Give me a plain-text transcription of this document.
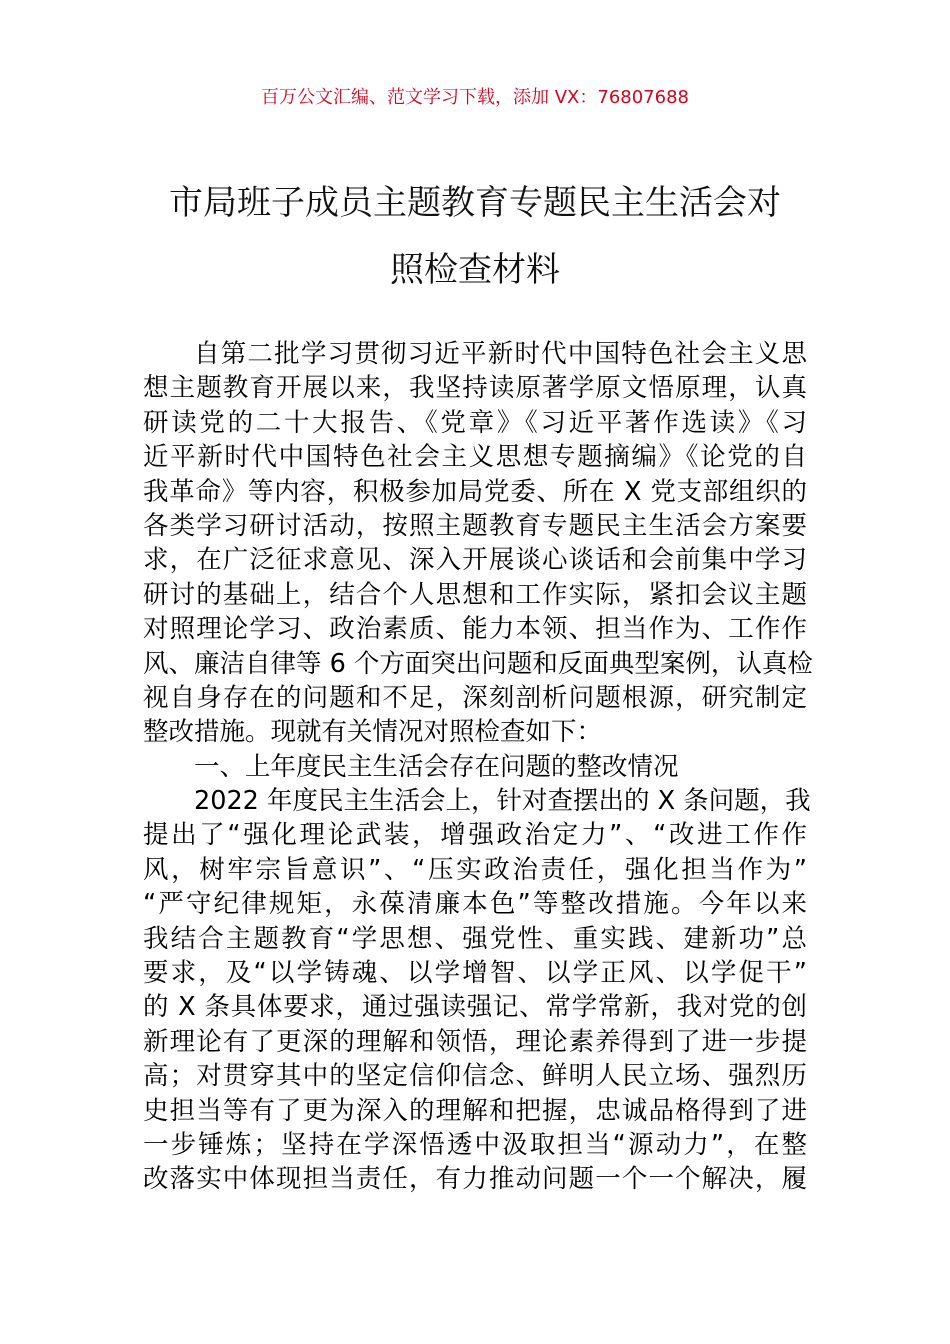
百万公文汇编、范文学习下载，添加 VX：76807688
市局班子成员主题教育专题民主生活会对
照检查材料
自第二批学习贯彻习近平新时代中国特色社会主义思
想主题教育开展以来，我坚持读原著学原文悟原理，认真
研读党的二十大报告、《党章》《习近平著作选读》《习
近平新时代中国特色社会主义思想专题摘编》《论党的自
我革命》等内容，积极参加局党委、所在 X 党支部组织的
各类学习研讨活动，按照主题教育专题民主生活会方案要
求，在广泛征求意见、深入开展谈心谈话和会前集中学习
研讨的基础上，结合个人思想和工作实际，紧扣会议主题
对照理论学习、政治素质、能力本领、担当作为、工作作
风、廉洁自律等 6 个方面突出问题和反面典型案例，认真检
视自身存在的问题和不足，深刻剖析问题根源，研究制定
整改措施。现就有关情况对照检查如下：
一、上年度民主生活会存在问题的整改情况
2022 年度民主生活会上，针对查摆出的 X 条问题，我
提出了“强化理论武装，增强政治定力”、“改进工作作
风，树牢宗旨意识”、“压实政治责任，强化担当作为”
“严守纪律规矩，永葆清廉本色”等整改措施。今年以来
我结合主题教育“学思想、强党性、重实践、建新功”总
要求，及“以学铸魂、以学增智、以学正风、以学促干”
的 X 条具体要求，通过强读强记、常学常新，我对党的创
新理论有了更深的理解和领悟，理论素养得到了进一步提
高；对贯穿其中的坚定信仰信念、鲜明人民立场、强烈历
史担当等有了更为深入的理解和把握，忠诚品格得到了进
一步锤炼；坚持在学深悟透中汲取担当“源动力”，在整
改落实中体现担当责任，有力推动问题一个一个解决，履
